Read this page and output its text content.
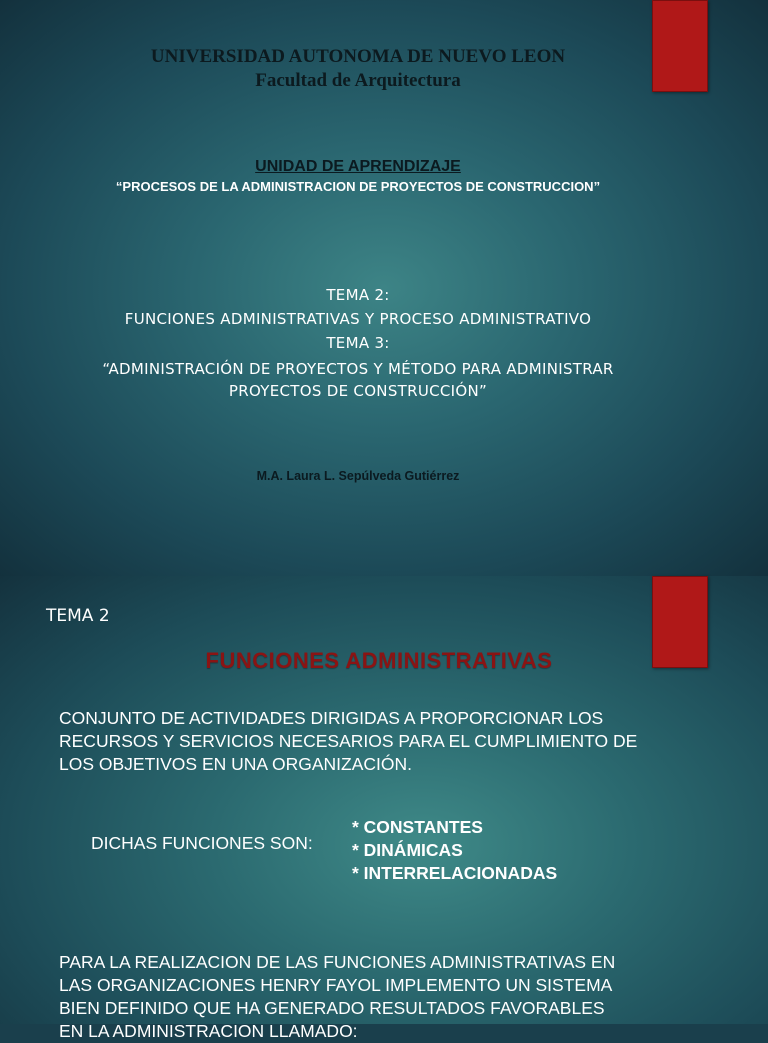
UNIVERSIDAD AUTONOMA DE NUEVO LEON
Facultad de Arquitectura
UNIDAD DE APRENDIZAJE
“PROCESOS DE LA ADMINISTRACION DE PROYECTOS DE CONSTRUCCION”
TEMA 2:
FUNCIONES ADMINISTRATIVAS Y PROCESO ADMINISTRATIVO
TEMA 3:
“ADMINISTRACIÓN DE PROYECTOS Y MÉTODO PARA ADMINISTRAR
PROYECTOS DE CONSTRUCCIÓN”
M.A. Laura L. Sepúlveda Gutiérrez
TEMA 2
FUNCIONES ADMINISTRATIVAS
CONJUNTO DE ACTIVIDADES DIRIGIDAS A PROPORCIONAR LOS
RECURSOS Y SERVICIOS NECESARIOS PARA EL CUMPLIMIENTO DE
LOS OBJETIVOS EN UNA ORGANIZACIÓN.
DICHAS FUNCIONES SON:
* CONSTANTES
* DINÁMICAS
* INTERRELACIONADAS
PARA LA REALIZACION DE LAS FUNCIONES ADMINISTRATIVAS EN
LAS ORGANIZACIONES HENRY FAYOL IMPLEMENTO UN SISTEMA
BIEN DEFINIDO QUE HA GENERADO RESULTADOS FAVORABLES
EN LA ADMINISTRACION LLAMADO:
